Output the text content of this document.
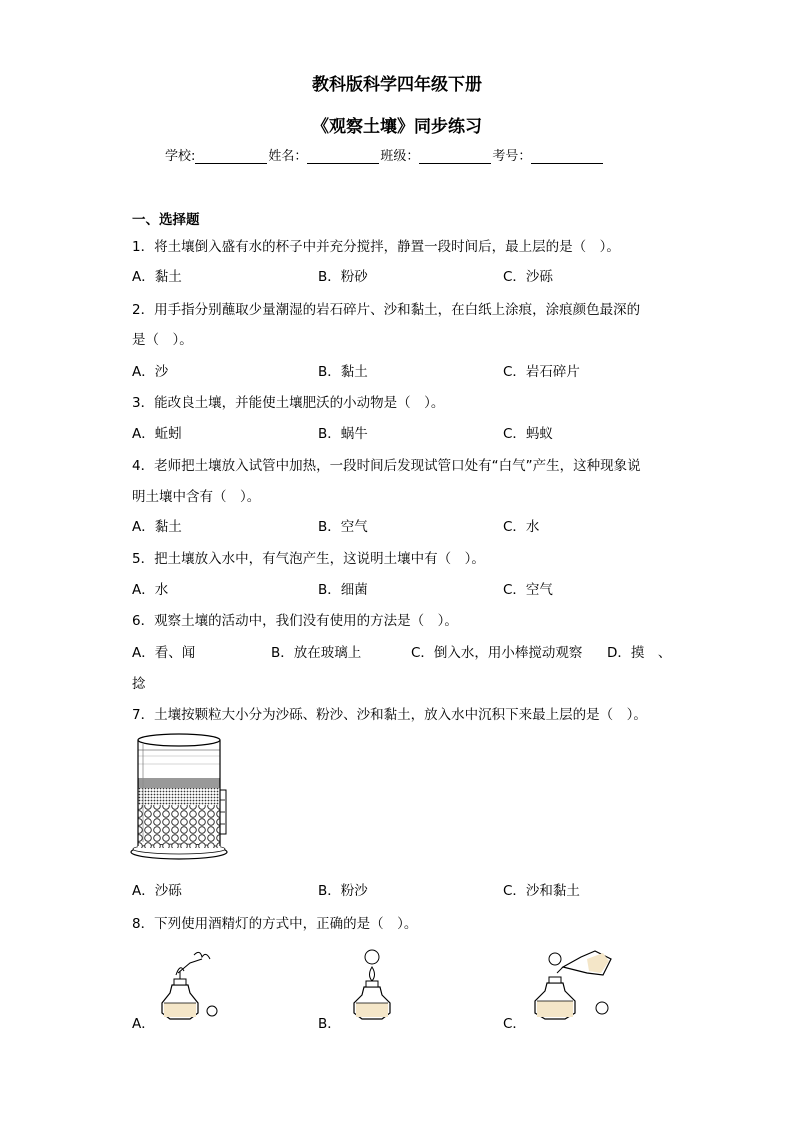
教科版科学四年级下册
《观察土壤》同步练习
学校:	姓名：	班级：	考号：
一、选择题
1．将土壤倒入盛有水的杯子中并充分搅拌，静置一段时间后，最上层的是（　）。
A．黏土	B．粉砂	C．沙砾
2．用手指分别蘸取少量潮湿的岩石碎片、沙和黏土，在白纸上涂痕，涂痕颜色最深的
是（　）。
A．沙	B．黏土	C．岩石碎片
3．能改良土壤，并能使土壤肥沃的小动物是（　）。
A．蚯蚓	B．蜗牛	C．蚂蚁
4．老师把土壤放入试管中加热，一段时间后发现试管口处有“白气”产生，这种现象说
明土壤中含有（　）。
A．黏土	B．空气	C．水
5．把土壤放入水中，有气泡产生，这说明土壤中有（　）。
A．水	B．细菌	C．空气
6．观察土壤的活动中，我们没有使用的方法是（　）。
A．看、闻	B．放在玻璃上	C．倒入水，用小棒搅动观察 D．摸　、
捻
7．土壤按颗粒大小分为沙砾、粉沙、沙和黏土，放入水中沉积下来最上层的是（　）。
A．沙砾	B．粉沙	C．沙和黏土
8．下列使用酒精灯的方式中，正确的是（　）。
A．	B．	C．
